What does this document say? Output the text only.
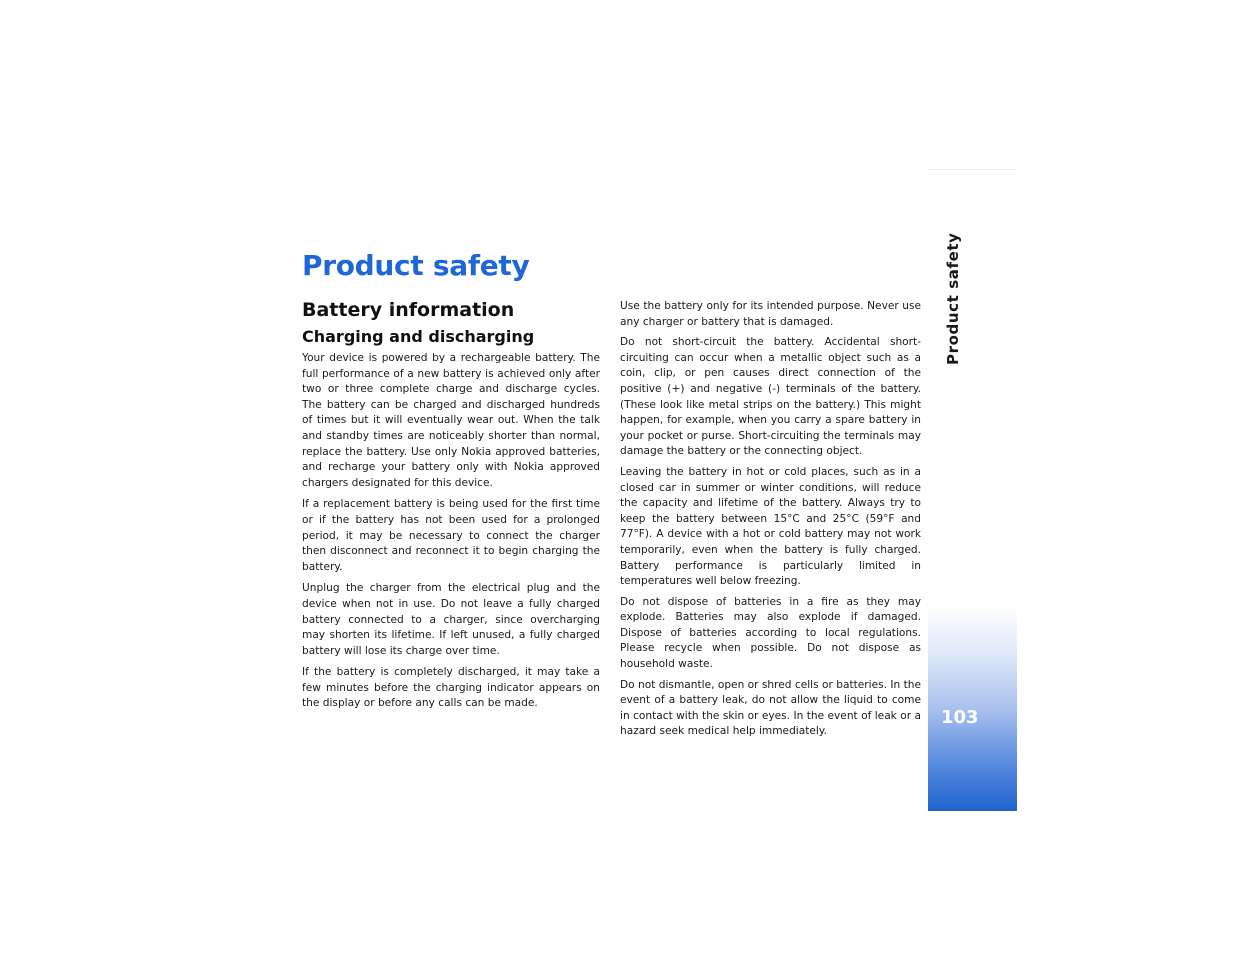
Product safety
Battery information
Charging and discharging

Your device is powered by a rechargeable battery. The full performance of a new battery is achieved only after two or three complete charge and discharge cycles. The battery can be charged and discharged hundreds of times but it will eventually wear out. When the talk and standby times are noticeably shorter than normal, replace the battery. Use only Nokia approved batteries, and recharge your battery only with Nokia approved chargers designated for this device.

If a replacement battery is being used for the first time or if the battery has not been used for a prolonged period, it may be necessary to connect the charger then disconnect and reconnect it to begin charging the battery.

Unplug the charger from the electrical plug and the device when not in use. Do not leave a fully charged battery connected to a charger, since overcharging may shorten its lifetime. If left unused, a fully charged battery will lose its charge over time.

If the battery is completely discharged, it may take a few minutes before the charging indicator appears on the display or before any calls can be made.

Use the battery only for its intended purpose. Never use any charger or battery that is damaged.

Do not short-circuit the battery. Accidental short-circuiting can occur when a metallic object such as a coin, clip, or pen causes direct connection of the positive (+) and negative (-) terminals of the battery. (These look like metal strips on the battery.) This might happen, for example, when you carry a spare battery in your pocket or purse. Short-circuiting the terminals may damage the battery or the connecting object.

Leaving the battery in hot or cold places, such as in a closed car in summer or winter conditions, will reduce the capacity and lifetime of the battery. Always try to keep the battery between 15°C and 25°C (59°F and 77°F). A device with a hot or cold battery may not work temporarily, even when the battery is fully charged. Battery performance is particularly limited in temperatures well below freezing.

Do not dispose of batteries in a fire as they may explode. Batteries may also explode if damaged. Dispose of batteries according to local regulations. Please recycle when possible. Do not dispose as household waste.

Do not dismantle, open or shred cells or batteries. In the event of a battery leak, do not allow the liquid to come in contact with the skin or eyes. In the event of leak or a hazard seek medical help immediately.

Product safety
103
